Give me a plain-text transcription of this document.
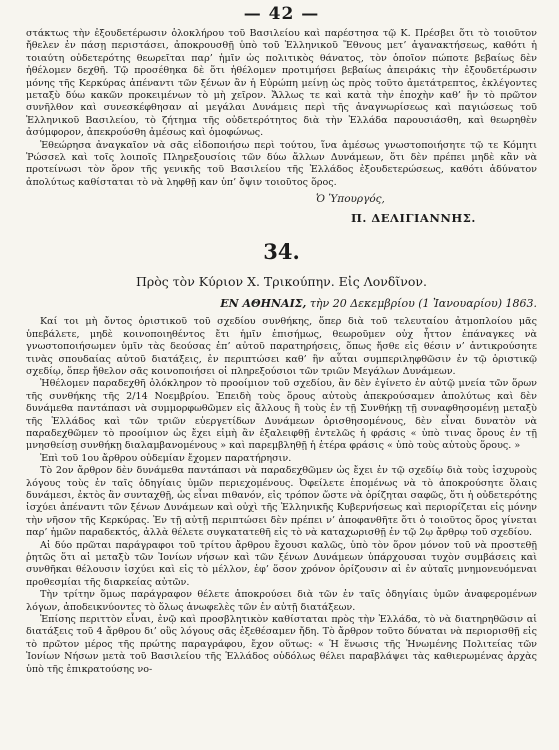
— 42 —

στάκτως τὴν ἐξουδετέρωσιν ὁλοκλήρου τοῦ Βασιλείου καὶ παρέστησα τῷ Κ. Πρέσβει ὅτι τὸ τοιοῦτον ἤθελεν ἐν πάσῃ περιστάσει, ἀποκρουσθῇ ὑπὸ τοῦ Ἑλληνικοῦ Ἔθνους μετ’ ἀγανακτήσεως, καθότι ἡ τοιαύτη οὐδετερότης θεωρεῖται παρ’ ἡμῖν ὡς πολιτικὸς θάνατος, τὸν ὁποῖον πώποτε βεβαίως δὲν ἠθέλομεν δεχθῆ. Τῷ προσέθηκα δὲ ὅτι ἠθέλομεν προτιμήσει βεβαίως ἀπειράκις τὴν ἐξουδετέρωσιν μόνης τῆς Κερκύρας ἀπέναντι τῶν ξένων ἂν ἡ Εὐρώπη μείνῃ ὡς πρὸς τοῦτο ἀμετάτρεπτος, ἐκλέγοντες μεταξὺ δύω κακῶν προκειμένων τὸ μὴ χεῖρον. Ἄλλως τε καὶ κατὰ τὴν ἐποχὴν καθ’ ἣν τὸ πρῶτον συνῆλθον καὶ συνεσκέφθησαν αἱ μεγάλαι Δυνάμεις περὶ τῆς ἀναγνωρίσεως καὶ παγιώσεως τοῦ Ἑλληνικοῦ Βασιλείου, τὸ ζήτημα τῆς οὐδετερότητος διὰ τὴν Ἑλλάδα παρουσιάσθη, καὶ θεωρηθὲν ἀσύμφορον, ἀπεκρούσθη ἀμέσως καὶ ὁμοφώνως.

Ἐθεώρησα ἀναγκαῖον νὰ σᾶς εἰδοποιήσω περὶ τούτου, ἵνα ἀμέσως γνωστοποιήσητε τῷ τε Κόμητι Ῥώσσελ καὶ τοῖς λοιποῖς Πληρεξουσίοις τῶν δύω ἄλλων Δυνάμεων, ὅτι δὲν πρέπει μηδὲ κἂν νὰ προτείνωσι τὸν ὅρον τῆς γενικῆς τοῦ Βασιλείου τῆς Ἑλλάδος ἐξουδετερώσεως, καθότι ἀδύνατον ἀπολύτως καθίσταται τὸ νὰ ληφθῇ καν ὑπ’ ὄψιν τοιοῦτος ὅρος.

Ὁ Ὑπουργός,
Π. ΔΕΛΙΓΙΑΝΝΗΣ.
34.
Πρὸς τὸν Κύριον Χ. Τρικούπην. Εἰς Λονδῖνον.
ΕΝ ΑΘΗΝΑΙΣ, τὴν 20 Δεκεμβρίου (1 Ἰανουαρίου) 1863.

Καί τοι μὴ ὄντος ὁριστικοῦ τοῦ σχεδίου συνθήκης, ὅπερ διὰ τοῦ τελευταίου ἀτμοπλοίου μᾶς ὑπεβάλετε, μηδὲ κοινοποιηθέντος ἔτι ἡμῖν ἐπισήμως, θεωροῦμεν οὐχ ἧττον ἐπάναγκες νὰ γνωστοποιήσωμεν ὑμῖν τὰς δεούσας ἐπ’ αὐτοῦ παρατηρήσεις, ὅπως ἤσθε εἰς θέσιν ν’ ἀντικρούσητε τινὰς σπουδαίας αὐτοῦ διατάξεις, ἐν περιπτώσει καθ’ ἣν αὗται συμπεριληφθῶσιν ἐν τῷ ὁριστικῷ σχεδίῳ, ὅπερ ἤθελον σᾶς κοινοποιήσει οἱ πληρεξούσιοι τῶν τριῶν Μεγάλων Δυνάμεων.

Ἠθέλομεν παραδεχθῆ ὁλόκληρον τὸ προοίμιον τοῦ σχεδίου, ἂν δὲν ἐγίνετο ἐν αὐτῷ μνεία τῶν ὅρων τῆς συνθήκης τῆς 2/14 Νοεμβρίου. Ἐπειδὴ τοὺς ὅρους αὐτοὺς ἀπεκρούσαμεν ἀπολύτως καὶ δὲν δυνάμεθα παντάπασι νὰ συμμορφωθῶμεν εἰς ἄλλους ἢ τοὺς ἐν τῇ Συνθήκῃ τῇ συναφθησομένῃ μεταξὺ τῆς Ἑλλάδος καὶ τῶν τριῶν εὐεργετίδων Δυνάμεων ὁρισθησομένους, δὲν εἶναι δυνατὸν νὰ παραδεχθῶμεν τὸ προοίμιον ὡς ἔχει εἰμὴ ἂν ἐξαλειφθῇ ἐντελῶς ἡ φράσις « ὑπὸ τινας ὅρους ἐν τῇ μνησθείσῃ συνθήκῃ διαλαμβανομένους » καὶ παρεμβληθῇ ἡ ἑτέρα φράσις « ὑπὸ τοὺς αὐτοὺς ὅρους. »

Ἐπὶ τοῦ 1ου ἄρθρου οὐδεμίαν ἔχομεν παρατήρησιν.

Τὸ 2ον ἄρθρον δὲν δυνάμεθα παντάπασι νὰ παραδεχθῶμεν ὡς ἔχει ἐν τῷ σχεδίῳ διὰ τοὺς ἰσχυροὺς λόγους τοὺς ἐν ταῖς ὁδηγίαις ὑμῶν περιεχομένους. Ὀφείλετε ἑπομένως νὰ τὸ ἀποκρούσητε ὅλαις δυνάμεσι, ἐκτὸς ἂν συνταχθῇ, ὡς εἶναι πιθανόν, εἰς τρόπον ὥστε νὰ ὁρίζηται σαφῶς, ὅτι ἡ οὐδετερότης ἰσχύει ἀπέναντι τῶν ξένων Δυνάμεων καὶ οὐχὶ τῆς Ἑλληνικῆς Κυβερνήσεως καὶ περιορίζεται εἰς μόνην τὴν νῆσον τῆς Κερκύρας. Ἐν τῇ αὐτῇ περιπτώσει δὲν πρέπει ν’ ἀποφανθῆτε ὅτι ὁ τοιοῦτος ὅρος γίνεται παρ’ ἡμῶν παραδεκτός, ἀλλὰ θέλετε συγκατατεθῆ εἰς τὸ νὰ καταχωρισθῇ ἐν τῷ 2ῳ ἄρθρῳ τοῦ σχεδίου.

Αἱ δύο πρῶται παράγραφοι τοῦ τρίτου ἄρθρου ἔχουσι καλῶς, ὑπὸ τὸν ὅρον μόνον τοῦ νὰ προστεθῇ ῥητῶς ὅτι αἱ μεταξὺ τῶν Ἰονίων νήσων καὶ τῶν ξένων Δυνάμεων ὑπάρχουσαι τυχὸν συμβάσεις καὶ συνθῆκαι θέλουσιν ἰσχύει καὶ εἰς τὸ μέλλον, ἐφ’ ὅσον χρόνον ὁρίζουσιν αἱ ἐν αὐταῖς μνημονευόμεναι προθεσμίαι τῆς διαρκείας αὐτῶν.

Τὴν τρίτην ὅμως παράγραφον θέλετε ἀποκρούσει διὰ τῶν ἐν ταῖς ὁδηγίαις ὑμῶν ἀναφερομένων λόγων, ἀποδεικνύοντες τὸ ὅλως ἀνωφελὲς τῶν ἐν αὐτῇ διατάξεων.

Ἐπίσης περιττὸν εἶναι, ἐνῷ καὶ προσβλητικὸν καθίσταται πρὸς τὴν Ἑλλάδα, τὸ νὰ διατηρηθῶσιν αἱ διατάξεις τοῦ 4 ἄρθρου δι’ οὓς λόγους σᾶς ἐξεθέσαμεν ἤδη. Τὸ ἄρθρον τοῦτο δύναται νὰ περιορισθῇ εἰς τὸ πρῶτον μέρος τῆς πρώτης παραγράφου, ἔχον οὕτως: « Ἡ ἕνωσις τῆς Ἡνωμένης Πολιτείας τῶν Ἰονίων Νήσων μετὰ τοῦ Βασιλείου τῆς Ἑλλάδος οὐδόλως θέλει παραβλάψει τὰς καθιερωμένας ἀρχὰς ὑπὸ τῆς ἐπικρατούσης νο-
